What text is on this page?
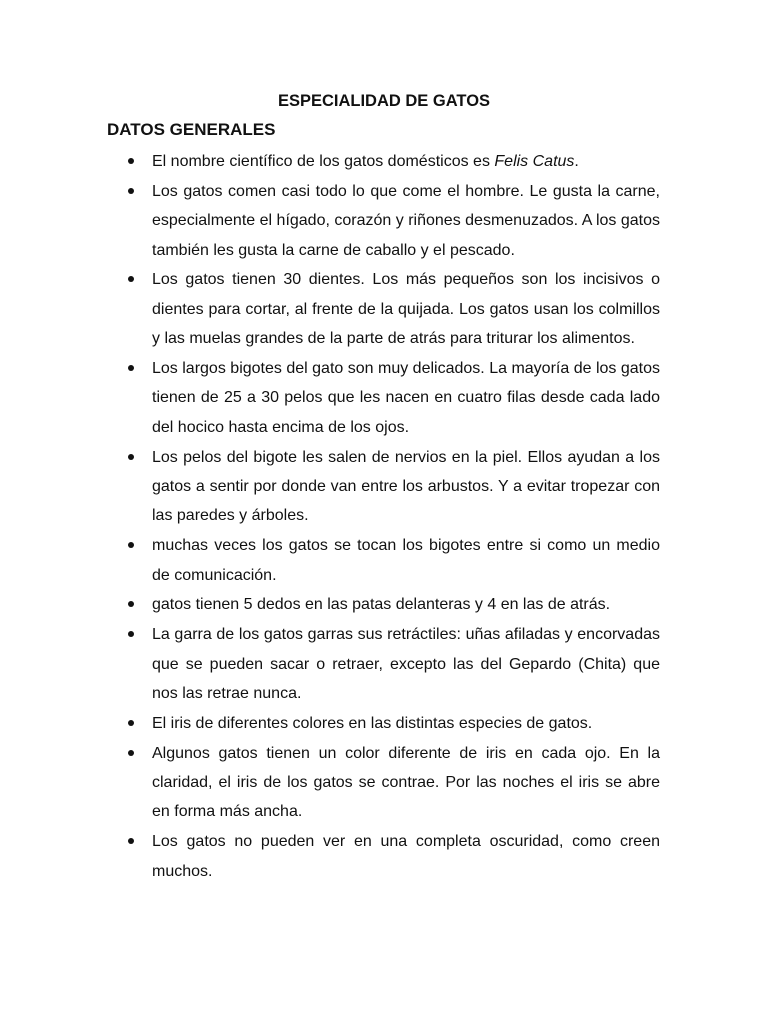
ESPECIALIDAD DE GATOS
DATOS GENERALES
El nombre científico de los gatos domésticos es Felis Catus.
Los gatos comen casi todo lo que come el hombre. Le gusta la carne, especialmente el hígado, corazón y riñones desmenuzados. A los gatos también les gusta la carne de caballo y el pescado.
Los gatos tienen 30 dientes. Los más pequeños son los incisivos o dientes para cortar, al frente de la quijada. Los gatos usan los colmillos y las muelas grandes de la parte de atrás para triturar los alimentos.
Los largos bigotes del gato son muy delicados. La mayoría de los gatos tienen de 25 a 30 pelos que les nacen en cuatro filas desde cada lado del hocico hasta encima de los ojos.
Los pelos del bigote les salen de nervios en la piel. Ellos ayudan a los gatos a sentir por donde van entre los arbustos. Y a evitar tropezar con las paredes y árboles.
muchas veces los gatos se tocan los bigotes entre si como un medio de comunicación.
gatos tienen 5 dedos en las patas delanteras y 4 en las de atrás.
La garra de los gatos garras sus retráctiles: uñas afiladas y encorvadas que se pueden sacar o retraer, excepto las del Gepardo (Chita) que nos las retrae nunca.
El iris de diferentes colores en las distintas especies de gatos.
Algunos gatos tienen un color diferente de iris en cada ojo. En la claridad, el iris de los gatos se contrae. Por las noches el iris se abre en forma más ancha.
Los gatos no pueden ver en una completa oscuridad, como creen muchos.
